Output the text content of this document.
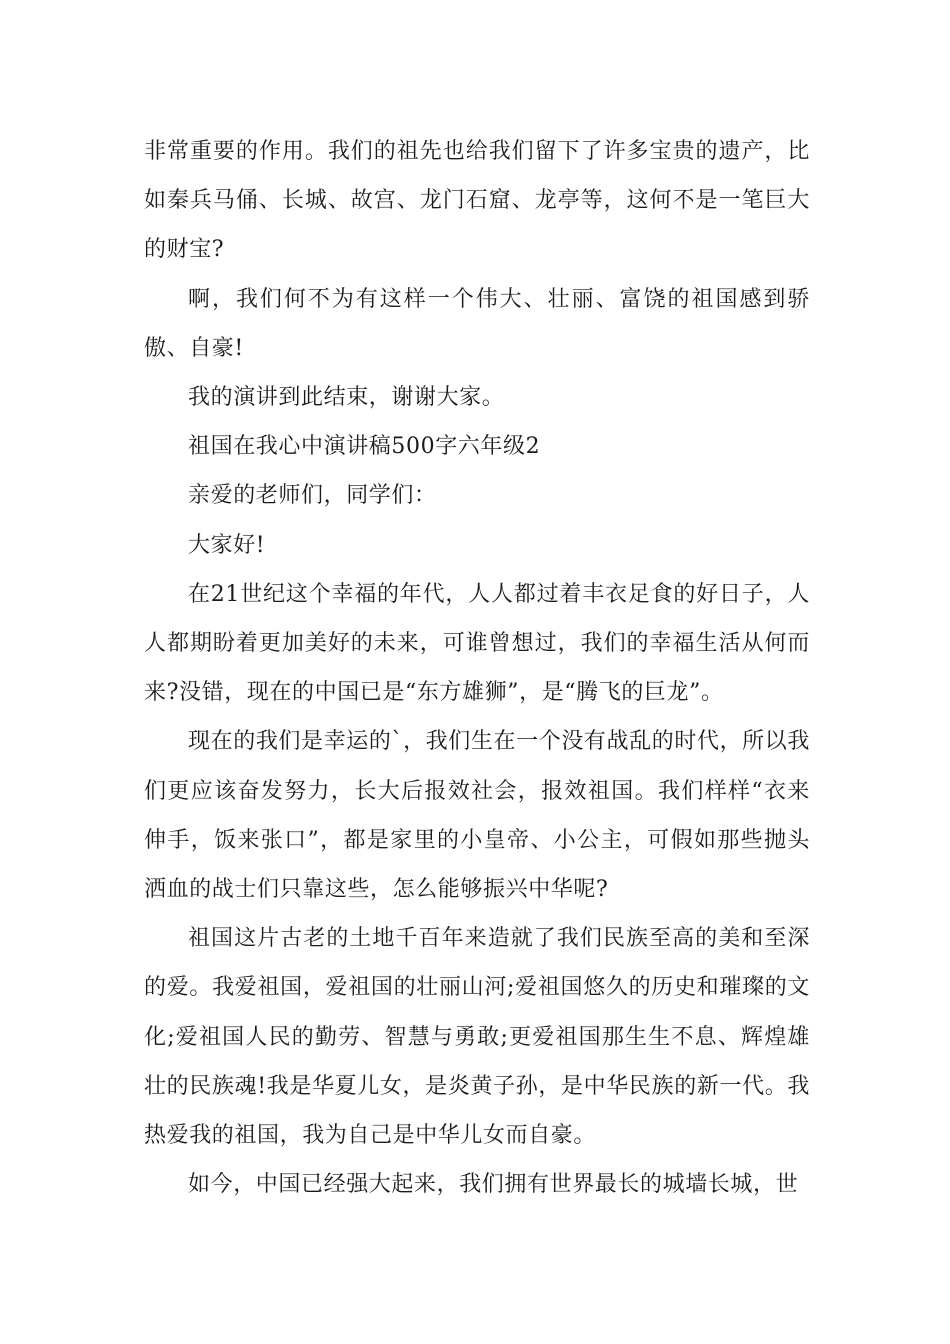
非常重要的作用。我们的祖先也给我们留下了许多宝贵的遗产，比如秦兵马俑、长城、故宫、龙门石窟、龙亭等，这何不是一笔巨大的财宝?

啊，我们何不为有这样一个伟大、壮丽、富饶的祖国感到骄傲、自豪!

我的演讲到此结束，谢谢大家。

祖国在我心中演讲稿500字六年级2

亲爱的老师们，同学们：

大家好!

在21世纪这个幸福的年代，人人都过着丰衣足食的好日子，人人都期盼着更加美好的未来，可谁曾想过，我们的幸福生活从何而来?没错，现在的中国已是“东方雄狮”，是“腾飞的巨龙”。

现在的我们是幸运的`，我们生在一个没有战乱的时代，所以我们更应该奋发努力，长大后报效社会，报效祖国。我们样样“衣来伸手，饭来张口”，都是家里的小皇帝、小公主，可假如那些抛头洒血的战士们只靠这些，怎么能够振兴中华呢?

祖国这片古老的土地千百年来造就了我们民族至高的美和至深的爱。我爱祖国，爱祖国的壮丽山河;爱祖国悠久的历史和璀璨的文化;爱祖国人民的勤劳、智慧与勇敢;更爱祖国那生生不息、辉煌雄壮的民族魂!我是华夏儿女，是炎黄子孙，是中华民族的新一代。我热爱我的祖国，我为自己是中华儿女而自豪。

如今，中国已经强大起来，我们拥有世界最长的城墙长城，世
